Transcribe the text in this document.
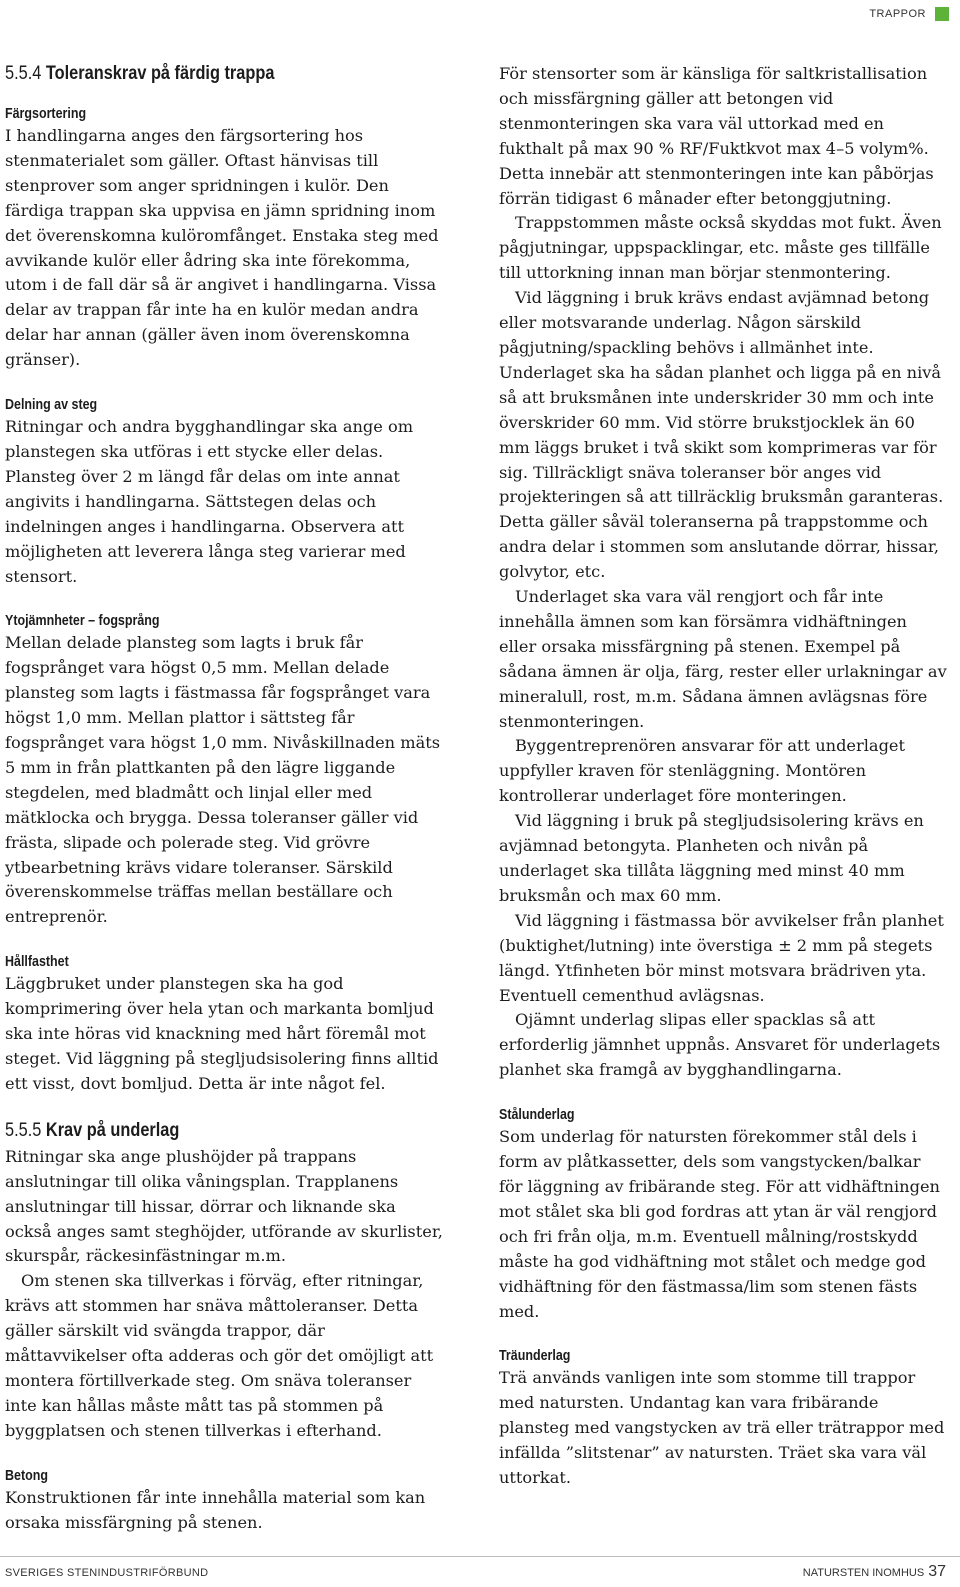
TRAPPOR
5.5.4 Toleranskrav på färdig trappa
Färgsortering

I handlingarna anges den färgsortering hos stenmaterialet som gäller. Oftast hänvisas till stenprover som anger spridningen i kulör. Den färdiga trappan ska uppvisa en jämn spridning inom det överenskomna kulöromfånget. Enstaka steg med avvikande kulör eller ådring ska inte förekomma, utom i de fall där så är angivet i handlingarna. Vissa delar av trappan får inte ha en kulör medan andra delar har annan (gäller även inom överenskomna gränser).

Delning av steg

Ritningar och andra bygghandlingar ska ange om planstegen ska utföras i ett stycke eller delas. Plansteg över 2 m längd får delas om inte annat angivits i handlingarna. Sättstegen delas och indelningen anges i handlingarna. Observera att möjligheten att leverera långa steg varierar med stensort.

Ytojämnheter – fogsprång

Mellan delade plansteg som lagts i bruk får fogsprånget vara högst 0,5 mm. Mellan delade plansteg som lagts i fästmassa får fogsprånget vara högst 1,0 mm. Mellan plattor i sättsteg får fogsprånget vara högst 1,0 mm. Nivåskillnaden mäts 5 mm in från plattkanten på den lägre liggande stegdelen, med bladmått och linjal eller med mätklocka och brygga. Dessa toleranser gäller vid frästa, slipade och polerade steg. Vid grövre ytbearbetning krävs vidare toleranser. Särskild överenskommelse träffas mellan beställare och entreprenör.

Hållfasthet

Läggbruket under planstegen ska ha god komprimering över hela ytan och markanta bomljud ska inte höras vid knackning med hårt föremål mot steget. Vid läggning på stegljudsisolering finns alltid ett visst, dovt bomljud. Detta är inte något fel.

5.5.5 Krav på underlag

Ritningar ska ange plushöjder på trappans anslutningar till olika våningsplan. Trapplanens anslutningar till hissar, dörrar och liknande ska också anges samt steghöjder, utförande av skurlister, skurspår, räckesinfästningar m.m.

Om stenen ska tillverkas i förväg, efter ritningar, krävs att stommen har snäva måttoleranser. Detta gäller särskilt vid svängda trappor, där måttavvikelser ofta adderas och gör det omöjligt att montera förtillverkade steg. Om snäva toleranser inte kan hållas måste mått tas på stommen på byggplatsen och stenen tillverkas i efterhand.

Betong

Konstruktionen får inte innehålla material som kan orsaka missfärgning på stenen.

För stensorter som är känsliga för saltkristallisation och missfärgning gäller att betongen vid stenmonteringen ska vara väl uttorkad med en fukthalt på max 90 % RF/Fuktkvot max 4–5 volym%. Detta innebär att stenmonteringen inte kan påbörjas förrän tidigast 6 månader efter betonggjutning.

Trappstommen måste också skyddas mot fukt. Även pågjutningar, uppspacklingar, etc. måste ges tillfälle till uttorkning innan man börjar stenmontering.

Vid läggning i bruk krävs endast avjämnad betong eller motsvarande underlag. Någon särskild pågjutning/spackling behövs i allmänhet inte. Underlaget ska ha sådan planhet och ligga på en nivå så att bruksmånen inte underskrider 30 mm och inte överskrider 60 mm. Vid större brukstjocklek än 60 mm läggs bruket i två skikt som komprimeras var för sig. Tillräckligt snäva toleranser bör anges vid projekteringen så att tillräcklig bruksmån garanteras. Detta gäller såväl toleranserna på trappstomme och andra delar i stommen som anslutande dörrar, hissar, golvytor, etc.

Underlaget ska vara väl rengjort och får inte innehålla ämnen som kan försämra vidhäftningen eller orsaka missfärgning på stenen. Exempel på sådana ämnen är olja, färg, rester eller urlakningar av mineralull, rost, m.m. Sådana ämnen avlägsnas före stenmonteringen.

Byggentreprenören ansvarar för att underlaget uppfyller kraven för stenläggning. Montören kontrollerar underlaget före monteringen.

Vid läggning i bruk på stegljudsisolering krävs en avjämnad betongyta. Planheten och nivån på underlaget ska tillåta läggning med minst 40 mm bruksmån och max 60 mm.

Vid läggning i fästmassa bör avvikelser från planhet (buktighet/lutning) inte överstiga ± 2 mm på stegets längd. Ytfinheten bör minst motsvara brädriven yta. Eventuell cementhud avlägsnas.

Ojämnt underlag slipas eller spacklas så att erforderlig jämnhet uppnås. Ansvaret för underlagets planhet ska framgå av bygghandlingarna.

Stålunderlag

Som underlag för natursten förekommer stål dels i form av plåtkassetter, dels som vangstycken/balkar för läggning av fribärande steg. För att vidhäftningen mot stålet ska bli god fordras att ytan är väl rengjord och fri från olja, m.m. Eventuell målning/rostskydd måste ha god vidhäftning mot stålet och medge god vidhäftning för den fästmassa/lim som stenen fästs med.

Träunderlag

Trä används vanligen inte som stomme till trappor med natursten. Undantag kan vara fribärande plansteg med vangstycken av trä eller trätrappor med infällda ”slitstenar” av natursten. Träet ska vara väl uttorkat.

SVERIGES STENINDUSTRIFÖRBUND	NATURSTEN INOMHUS 37
